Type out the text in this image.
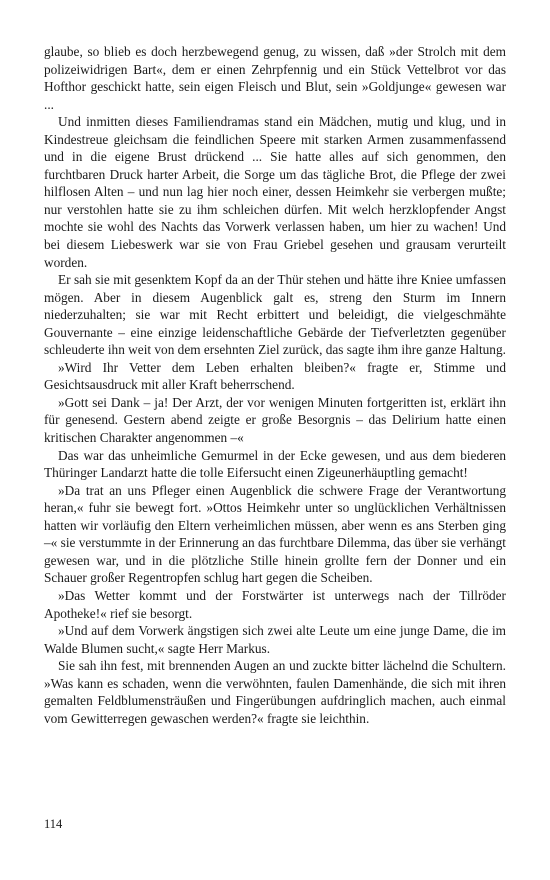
glaube, so blieb es doch herzbewegend genug, zu wissen, daß »der Strolch mit dem polizeiwidrigen Bart«, dem er einen Zehrpfennig und ein Stück Vettelbrot vor das Hofthor geschickt hatte, sein eigen Fleisch und Blut, sein »Goldjunge« gewesen war ...

Und inmitten dieses Familiendramas stand ein Mädchen, mutig und klug, und in Kindestreue gleichsam die feindlichen Speere mit starken Armen zusammenfassend und in die eigene Brust drückend ... Sie hatte alles auf sich genommen, den furchtbaren Druck harter Arbeit, die Sorge um das tägliche Brot, die Pflege der zwei hilflosen Alten – und nun lag hier noch einer, dessen Heimkehr sie verbergen mußte; nur verstohlen hatte sie zu ihm schleichen dürfen. Mit welch herzklopfender Angst mochte sie wohl des Nachts das Vorwerk verlassen haben, um hier zu wachen! Und bei diesem Liebeswerk war sie von Frau Griebel gesehen und grausam verurteilt worden.

Er sah sie mit gesenktem Kopf da an der Thür stehen und hätte ihre Kniee umfassen mögen. Aber in diesem Augenblick galt es, streng den Sturm im Innern niederzuhalten; sie war mit Recht erbittert und beleidigt, die vielgeschmähte Gouvernante – eine einzige leidenschaftliche Gebärde der Tiefverletzten gegenüber schleuderte ihn weit von dem ersehnten Ziel zurück, das sagte ihm ihre ganze Haltung.

»Wird Ihr Vetter dem Leben erhalten bleiben?« fragte er, Stimme und Gesichtsausdruck mit aller Kraft beherrschend.

»Gott sei Dank – ja! Der Arzt, der vor wenigen Minuten fortgeritten ist, erklärt ihn für genesend. Gestern abend zeigte er große Besorgnis – das Delirium hatte einen kritischen Charakter angenommen –«

Das war das unheimliche Gemurmel in der Ecke gewesen, und aus dem biederen Thüringer Landarzt hatte die tolle Eifersucht einen Zigeunerhäuptling gemacht!

»Da trat an uns Pfleger einen Augenblick die schwere Frage der Verantwortung heran,« fuhr sie bewegt fort. »Ottos Heimkehr unter so unglücklichen Verhältnissen hatten wir vorläufig den Eltern verheimlichen müssen, aber wenn es ans Sterben ging –« sie verstummte in der Erinnerung an das furchtbare Dilemma, das über sie verhängt gewesen war, und in die plötzliche Stille hinein grollte fern der Donner und ein Schauer großer Regentropfen schlug hart gegen die Scheiben.

»Das Wetter kommt und der Forstwärter ist unterwegs nach der Tillröder Apotheke!« rief sie besorgt.

»Und auf dem Vorwerk ängstigen sich zwei alte Leute um eine junge Dame, die im Walde Blumen sucht,« sagte Herr Markus.

Sie sah ihn fest, mit brennenden Augen an und zuckte bitter lächelnd die Schultern. »Was kann es schaden, wenn die verwöhnten, faulen Damenhände, die sich mit ihren gemalten Feldblumensträußen und Fingerübungen aufdringlich machen, auch einmal vom Gewitterregen gewaschen werden?« fragte sie leichthin.

114
